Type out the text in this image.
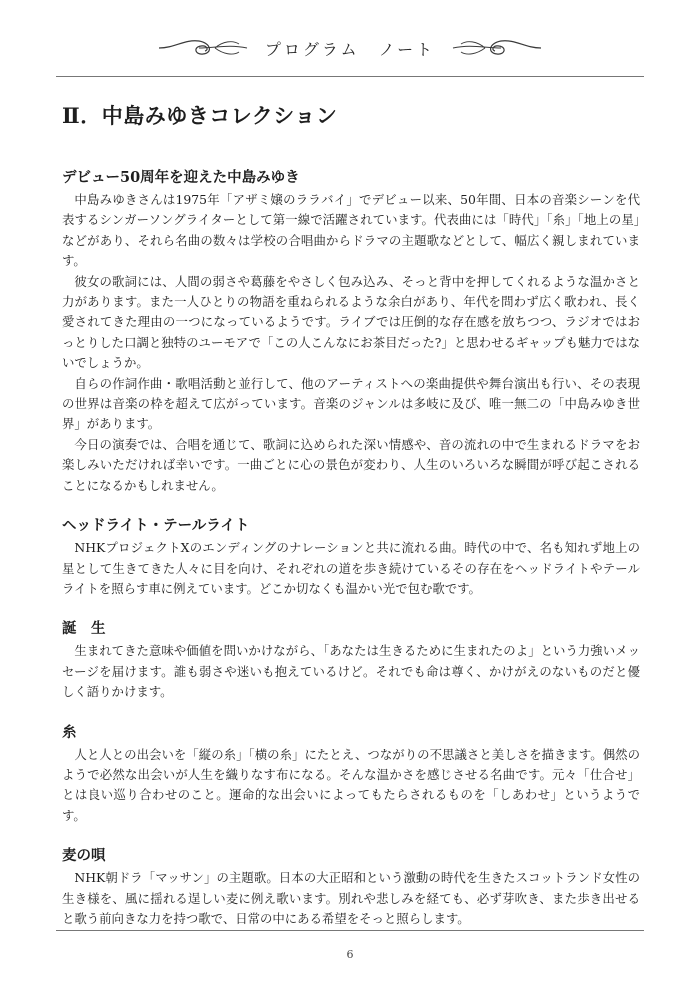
プログラム　ノート
Ⅱ．中島みゆきコレクション
デビュー50周年を迎えた中島みゆき

中島みゆきさんは1975年「アザミ嬢のララバイ」でデビュー以来、50年間、日本の音楽シーンを代表するシンガーソングライターとして第一線で活躍されています。代表曲には「時代」「糸」「地上の星」などがあり、それら名曲の数々は学校の合唱曲からドラマの主題歌などとして、幅広く親しまれています。

彼女の歌詞には、人間の弱さや葛藤をやさしく包み込み、そっと背中を押してくれるような温かさと力があります。また一人ひとりの物語を重ねられるような余白があり、年代を問わず広く歌われ、長く愛されてきた理由の一つになっているようです。ライブでは圧倒的な存在感を放ちつつ、ラジオではおっとりした口調と独特のユーモアで「この人こんなにお茶目だった?」と思わせるギャップも魅力ではないでしょうか。

自らの作詞作曲・歌唱活動と並行して、他のアーティストへの楽曲提供や舞台演出も行い、その表現の世界は音楽の枠を超えて広がっています。音楽のジャンルは多岐に及び、唯一無二の「中島みゆき世界」があります。

今日の演奏では、合唱を通じて、歌詞に込められた深い情感や、音の流れの中で生まれるドラマをお楽しみいただければ幸いです。一曲ごとに心の景色が変わり、人生のいろいろな瞬間が呼び起こされることになるかもしれません。

ヘッドライト・テールライト

NHKプロジェクトXのエンディングのナレーションと共に流れる曲。時代の中で、名も知れず地上の星として生きてきた人々に目を向け、それぞれの道を歩き続けているその存在をヘッドライトやテールライトを照らす車に例えています。どこか切なくも温かい光で包む歌です。

誕　生

生まれてきた意味や価値を問いかけながら、「あなたは生きるために生まれたのよ」という力強いメッセージを届けます。誰も弱さや迷いも抱えているけど。それでも命は尊く、かけがえのないものだと優しく語りかけます。

糸

人と人との出会いを「縦の糸」「横の糸」にたとえ、つながりの不思議さと美しさを描きます。偶然のようで必然な出会いが人生を織りなす布になる。そんな温かさを感じさせる名曲です。元々「仕合せ」とは良い巡り合わせのこと。運命的な出会いによってもたらされるものを「しあわせ」というようです。

麦の唄

NHK朝ドラ「マッサン」の主題歌。日本の大正昭和という激動の時代を生きたスコットランド女性の生き様を、風に揺れる逞しい麦に例え歌います。別れや悲しみを経ても、必ず芽吹き、また歩き出せると歌う前向きな力を持つ歌で、日常の中にある希望をそっと照らします。

6
